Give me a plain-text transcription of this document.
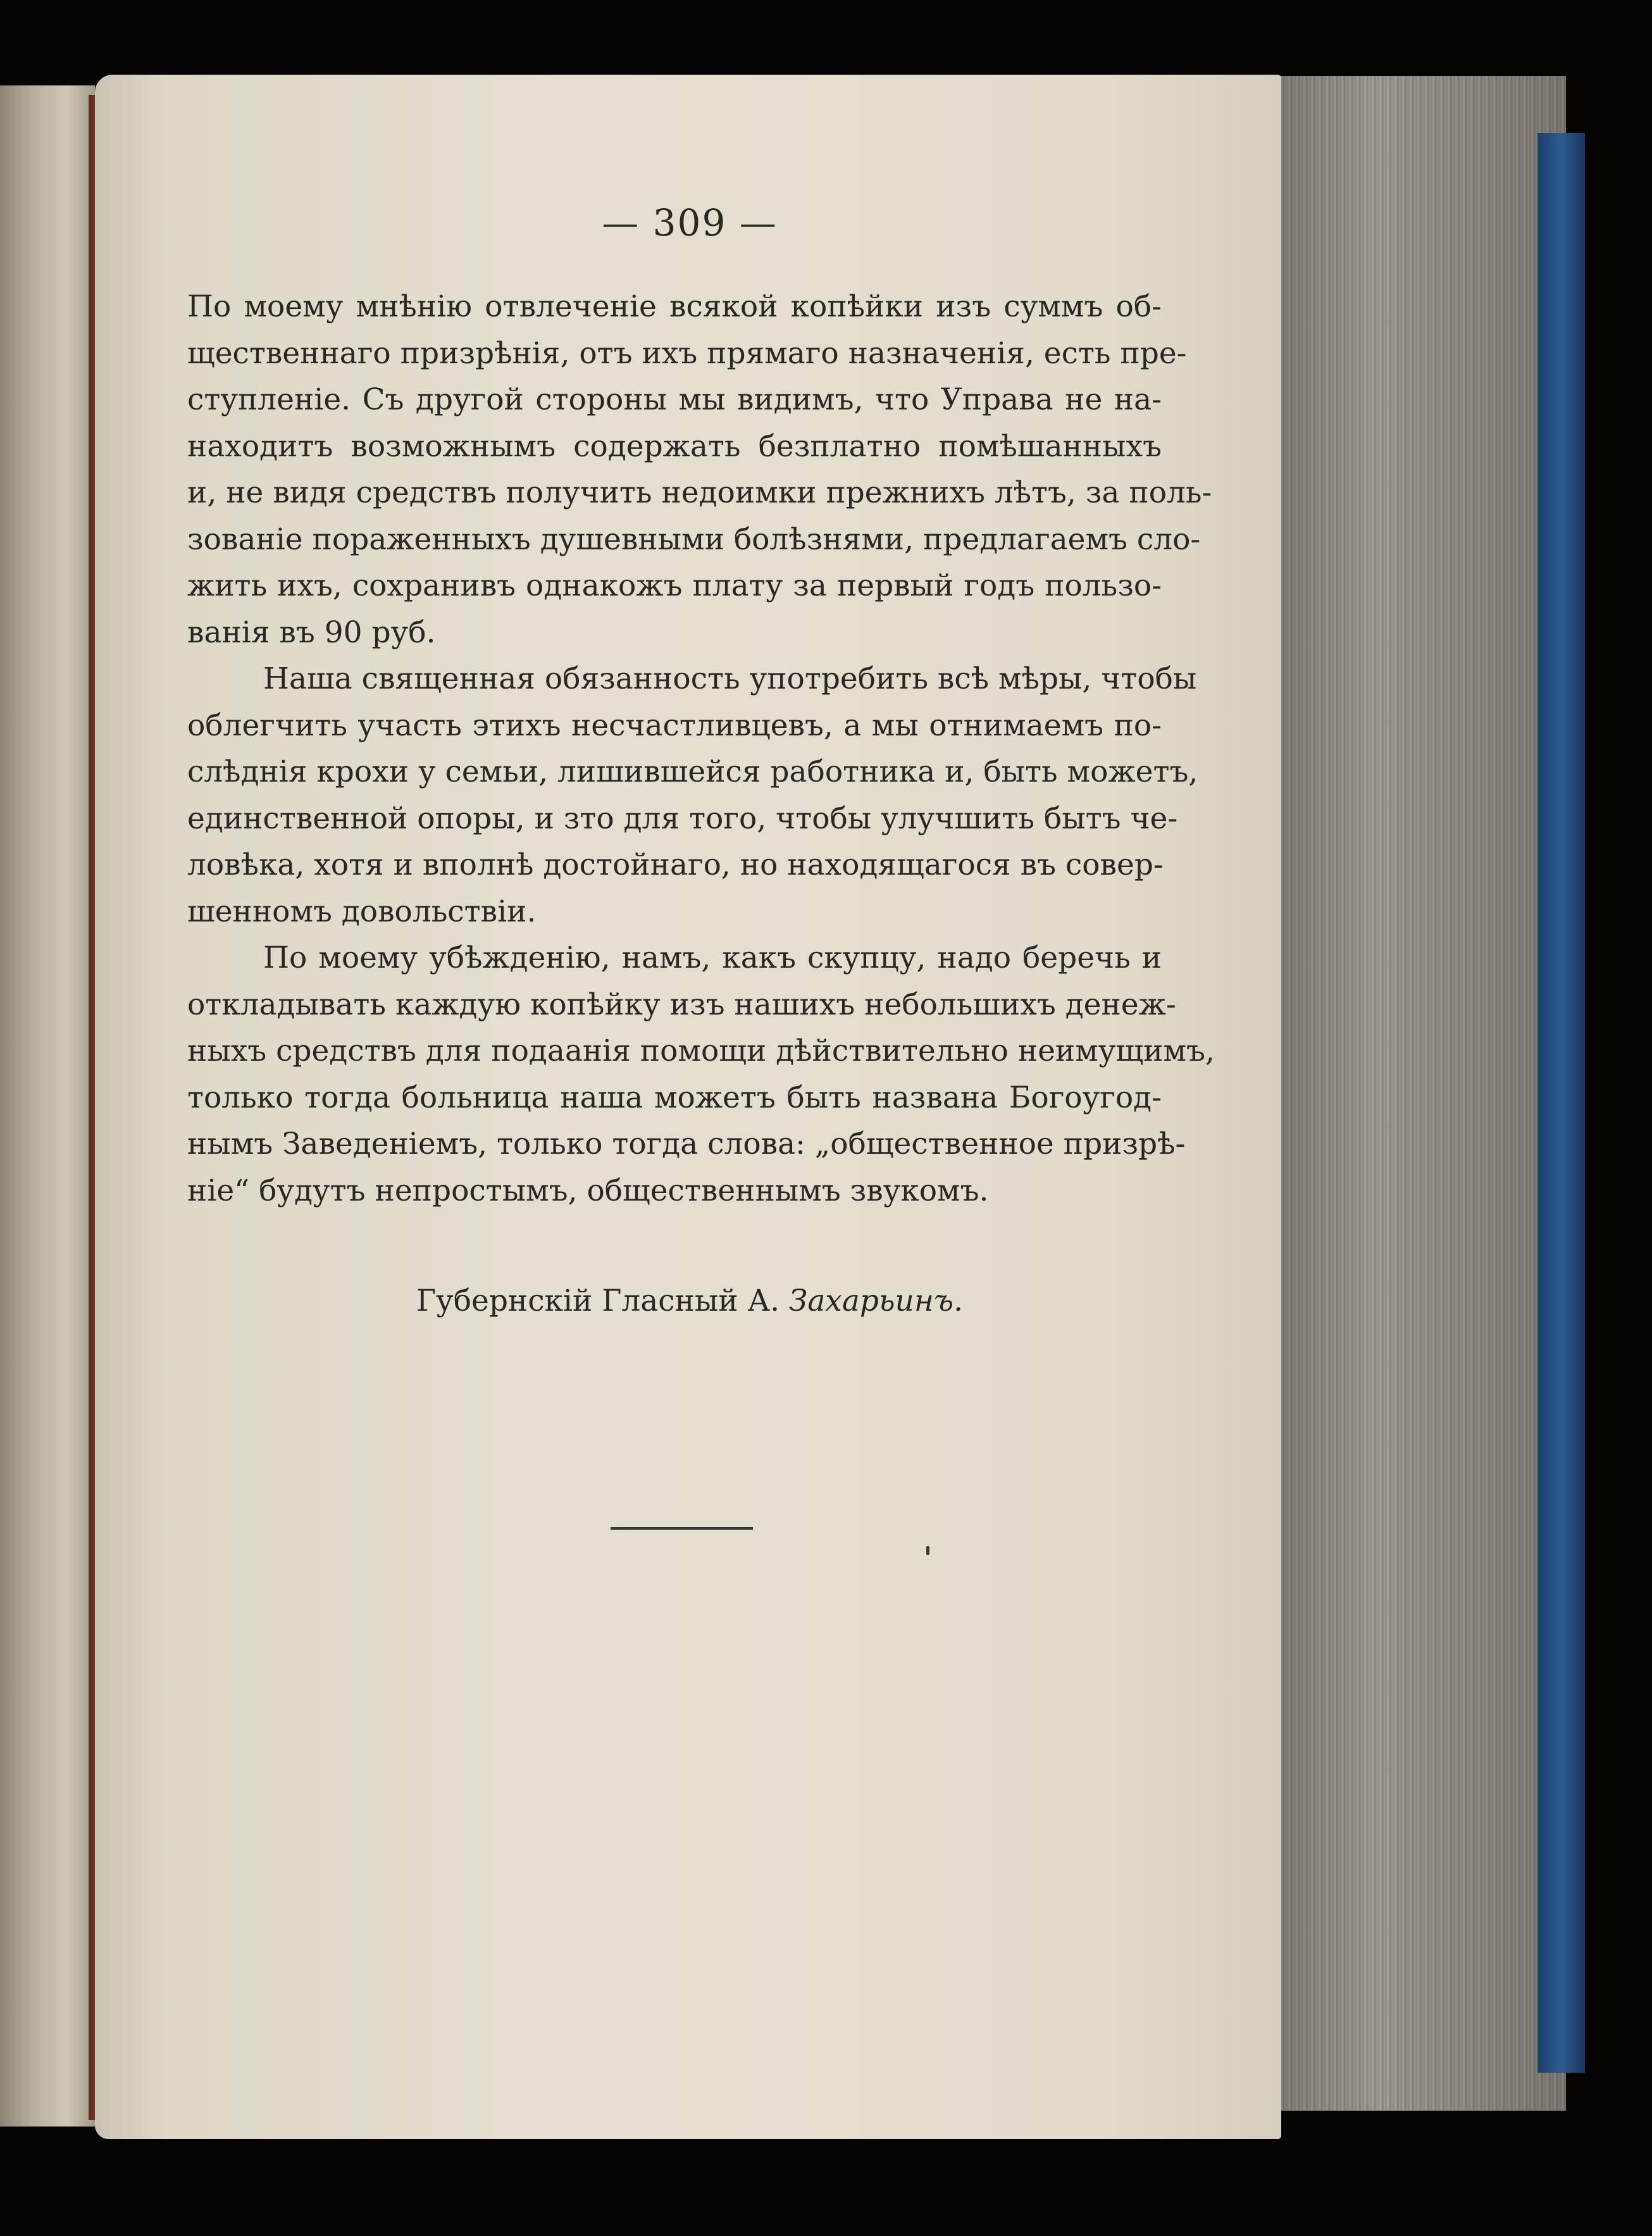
— 309 —

По моему мнѣнію отвлеченіе всякой копѣйки изъ суммъ об-
щественнаго призрѣнія, отъ ихъ прямаго назначенія, есть пре-
ступленіе. Съ другой стороны мы видимъ, что Управа не на-
находитъ возможнымъ содержать безплатно помѣшанныхъ
и, не видя средствъ получить недоимки прежнихъ лѣтъ, за поль-
зованіе пораженныхъ душевными болѣзнями, предлагаемъ сло-
жить ихъ, сохранивъ однакожъ плату за первый годъ пользо-
ванія въ 90 руб.

Наша священная обязанность употребить всѣ мѣры, чтобы
облегчить участь этихъ несчастливцевъ, а мы отнимаемъ по-
слѣднія крохи у семьи, лишившейся работника и, быть можетъ,
единственной опоры, и зто для того, чтобы улучшить бытъ че-
ловѣка, хотя и вполнѣ достойнаго, но находящагося въ совер-
шенномъ довольствіи.

По моему убѣжденію, намъ, какъ скупцу, надо беречь и
откладывать каждую копѣйку изъ нашихъ небольшихъ денеж-
ныхъ средствъ для подаанія помощи дѣйствительно неимущимъ,
только тогда больница наша можетъ быть названа Богоугод-
нымъ Заведеніемъ, только тогда слова: „общественное призрѣ-
ніе“ будутъ непростымъ, общественнымъ звукомъ.

Губернскій Гласный А. Захарьинъ.
